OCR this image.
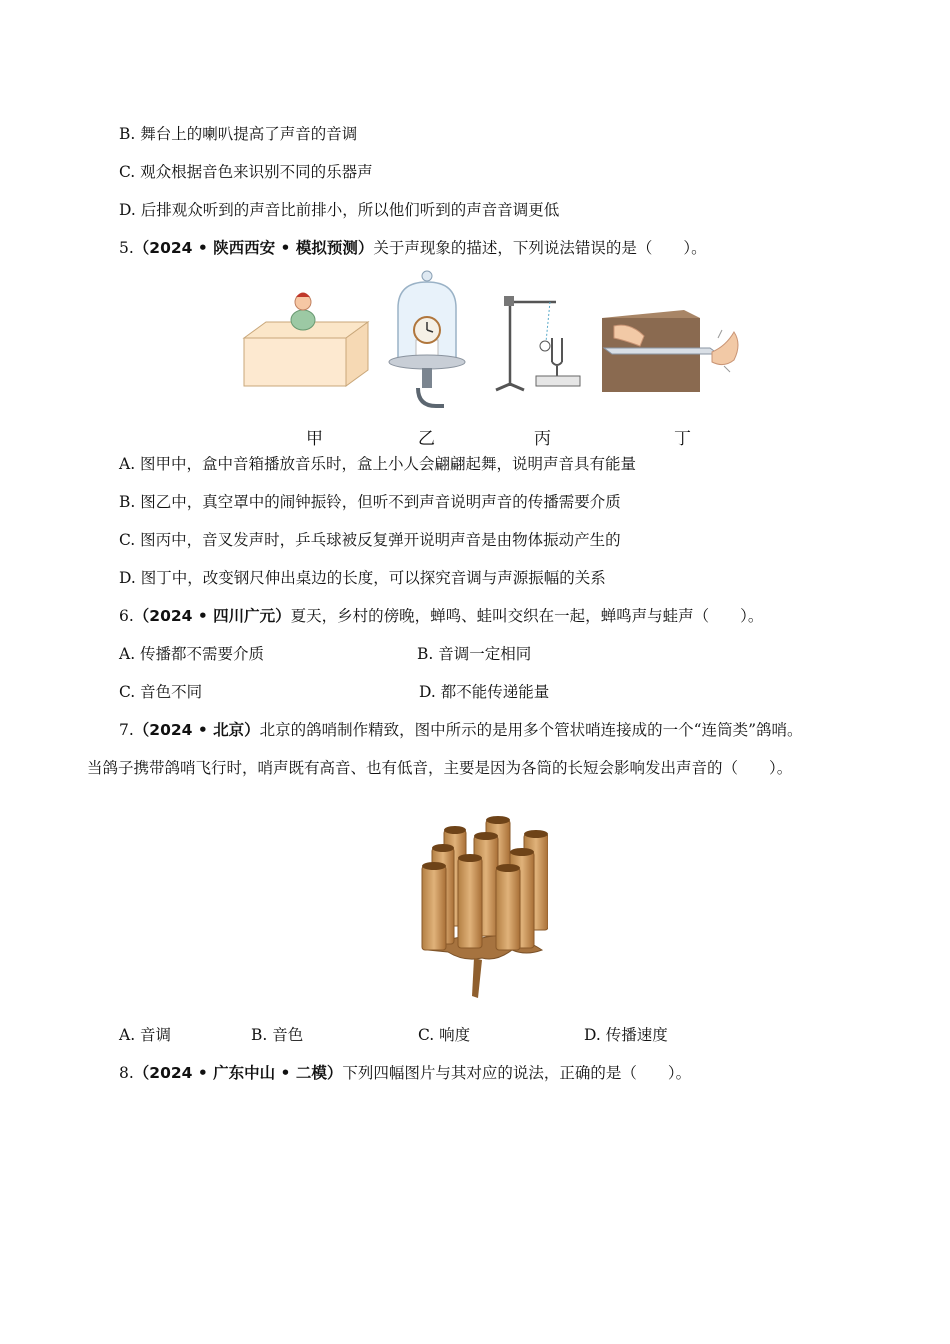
B. 舞台上的喇叭提高了声音的音调
C. 观众根据音色来识别不同的乐器声
D. 后排观众听到的声音比前排小，所以他们听到的声音音调更低
5.（2024 • 陕西西安 • 模拟预测）关于声现象的描述，下列说法错误的是（　　）。
甲	乙	丙	丁
A. 图甲中，盒中音箱播放音乐时，盒上小人会翩翩起舞，说明声音具有能量
B. 图乙中，真空罩中的闹钟振铃，但听不到声音说明声音的传播需要介质
C. 图丙中，音叉发声时，乒乓球被反复弹开说明声音是由物体振动产生的
D. 图丁中，改变钢尺伸出桌边的长度，可以探究音调与声源振幅的关系
6.（2024 • 四川广元）夏天，乡村的傍晚，蝉鸣、蛙叫交织在一起，蝉鸣声与蛙声（　　）。
A. 传播都不需要介质	B. 音调一定相同
C. 音色不同	D. 都不能传递能量
7.（2024 • 北京）北京的鸽哨制作精致，图中所示的是用多个管状哨连接成的一个“连筒类”鸽哨。
当鸽子携带鸽哨飞行时，哨声既有高音、也有低音，主要是因为各筒的长短会影响发出声音的（　　）。
A. 音调	B. 音色	C. 响度	D. 传播速度
8.（2024 • 广东中山 • 二模）下列四幅图片与其对应的说法，正确的是（　　）。
